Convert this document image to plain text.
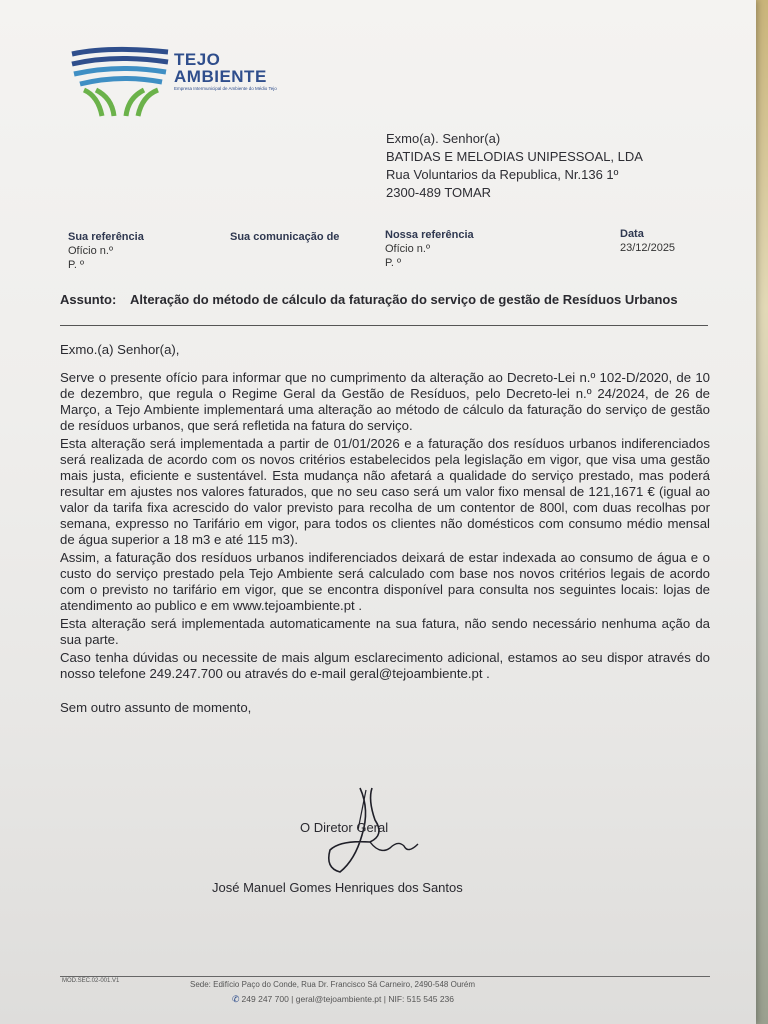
TEJO
AMBIENTE
Empresa Intermunicipal de Ambiente do Médio Tejo
Exmo(a). Senhor(a)
BATIDAS E MELODIAS UNIPESSOAL, LDA
Rua Voluntarios da Republica, Nr.136 1º
2300-489 TOMAR
Sua referência
Ofício n.º
P. º
Sua comunicação de	Nossa referência
Ofício n.º
P. º
Data
23/12/2025
Assunto: Alteração do método de cálculo da faturação do serviço de gestão de Resíduos Urbanos

Exmo.(a) Senhor(a),

Serve o presente ofício para informar que no cumprimento da alteração ao Decreto-Lei n.º 102-D/2020, de 10 de dezembro, que regula o Regime Geral da Gestão de Resíduos, pelo Decreto-lei n.º 24/2024, de 26 de Março, a Tejo Ambiente implementará uma alteração ao método de cálculo da faturação do serviço de gestão de resíduos urbanos, que será refletida na fatura do serviço.

Esta alteração será implementada a partir de 01/01/2026 e a faturação dos resíduos urbanos indiferenciados será realizada de acordo com os novos critérios estabelecidos pela legislação em vigor, que visa uma gestão mais justa, eficiente e sustentável. Esta mudança não afetará a qualidade do serviço prestado, mas poderá resultar em ajustes nos valores faturados, que no seu caso será um valor fixo mensal de 121,1671 € (igual ao valor da tarifa fixa acrescido do valor previsto para recolha de um contentor de 800l, com duas recolhas por semana, expresso no Tarifário em vigor, para todos os clientes não domésticos com consumo médio mensal de água superior a 18 m3 e até 115 m3).

Assim, a faturação dos resíduos urbanos indiferenciados deixará de estar indexada ao consumo de água e o custo do serviço prestado pela Tejo Ambiente será calculado com base nos novos critérios legais de acordo com o previsto no tarifário em vigor, que se encontra disponível para consulta nos seguintes locais: lojas de atendimento ao publico e em www.tejoambiente.pt .

Esta alteração será implementada automaticamente na sua fatura, não sendo necessário nenhuma ação da sua parte.

Caso tenha dúvidas ou necessite de mais algum esclarecimento adicional, estamos ao seu dispor através do nosso telefone 249.247.700 ou através do e-mail geral@tejoambiente.pt .

Sem outro assunto de momento,

O Diretor Geral
José Manuel Gomes Henriques dos Santos
MOD.SEC.02-001.V1	Sede: Edifício Paço do Conde, Rua Dr. Francisco Sá Carneiro, 2490-548 Ourém
✆ 249 247 700 | geral@tejoambiente.pt | NIF: 515 545 236
